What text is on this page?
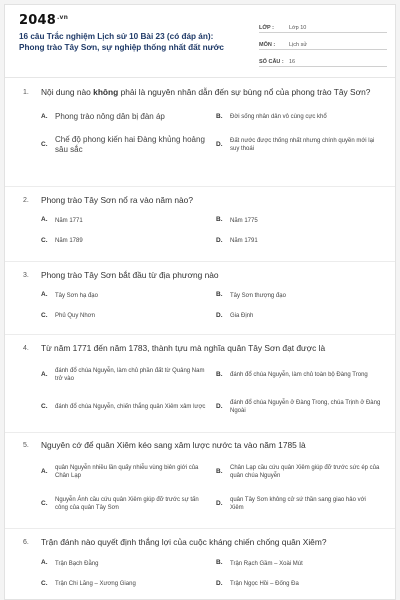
$2048^{.vn}$
16 câu Trắc nghiệm Lịch sử 10 Bài 23 (có đáp án): Phong trào Tây Sơn, sự nghiệp thống nhất đất nước
LỚP :	Lớp 10
MÔN :	Lịch sử
SỐ CÂU : 16
1.	Nội dung nào không phải là nguyên nhân dẫn đến sự bùng nổ của phong trào Tây Sơn?
A. Phong trào nông dân bị đàn áp	B.	Đời sống nhân dân vô cùng cực khổ
C.
Chế độ phong kiến hai Đàng khủng hoảng sâu sắc
D.	Đất nước được thống nhất nhưng chính quyền mới lại suy thoái
2.	Phong trào Tây Sơn nổ ra vào năm nào?
A.	Năm 1771	B.	Năm 1775
C.	Năm 1789	D.	Năm 1791
3.	Phong trào Tây Sơn bắt đầu từ địa phương nào
A.	Tây Sơn hạ đạo	B.	Tây Sơn thượng đạo
C.	Phủ Quy Nhơn	D.	Gia Định
4.	Từ năm 1771 đến năm 1783, thành tựu mà nghĩa quân Tây Sơn đạt được là
A.	đánh đổ chúa Nguyễn, làm chủ phần đất từ Quảng Nam trở vào
B.	đánh đổ chúa Nguyễn, làm chủ toàn bộ Đàng Trong
C.	đánh đổ chúa Nguyễn, chiến thắng quân Xiêm xâm lược D.	đánh đổ chúa Nguyễn ở Đàng Trong, chúa Trịnh ở Đàng Ngoài
5.	Nguyên cớ để quân Xiêm kéo sang xâm lược nước ta vào năm 1785 là
A.	quân Nguyễn nhiều lần quấy nhiễu vùng biên giới của Chân Lạp
B.	Chân Lạp cầu cứu quân Xiêm giúp đỡ trước sức ép của quân chúa Nguyễn
C.	Nguyễn Ánh cầu cứu quân Xiêm giúp đỡ trước sự tấn công của quân Tây Sơn
D.	quân Tây Sơn không cử sứ thần sang giao hảo với Xiêm
6.	Trận đánh nào quyết định thắng lợi của cuộc kháng chiến chống quân Xiêm?
A.	Trận Bạch Đằng	B.	Trận Rạch Gầm – Xoài Mút
C.	Trận Chi Lăng – Xương Giang	D.	Trận Ngọc Hồi – Đống Đa
